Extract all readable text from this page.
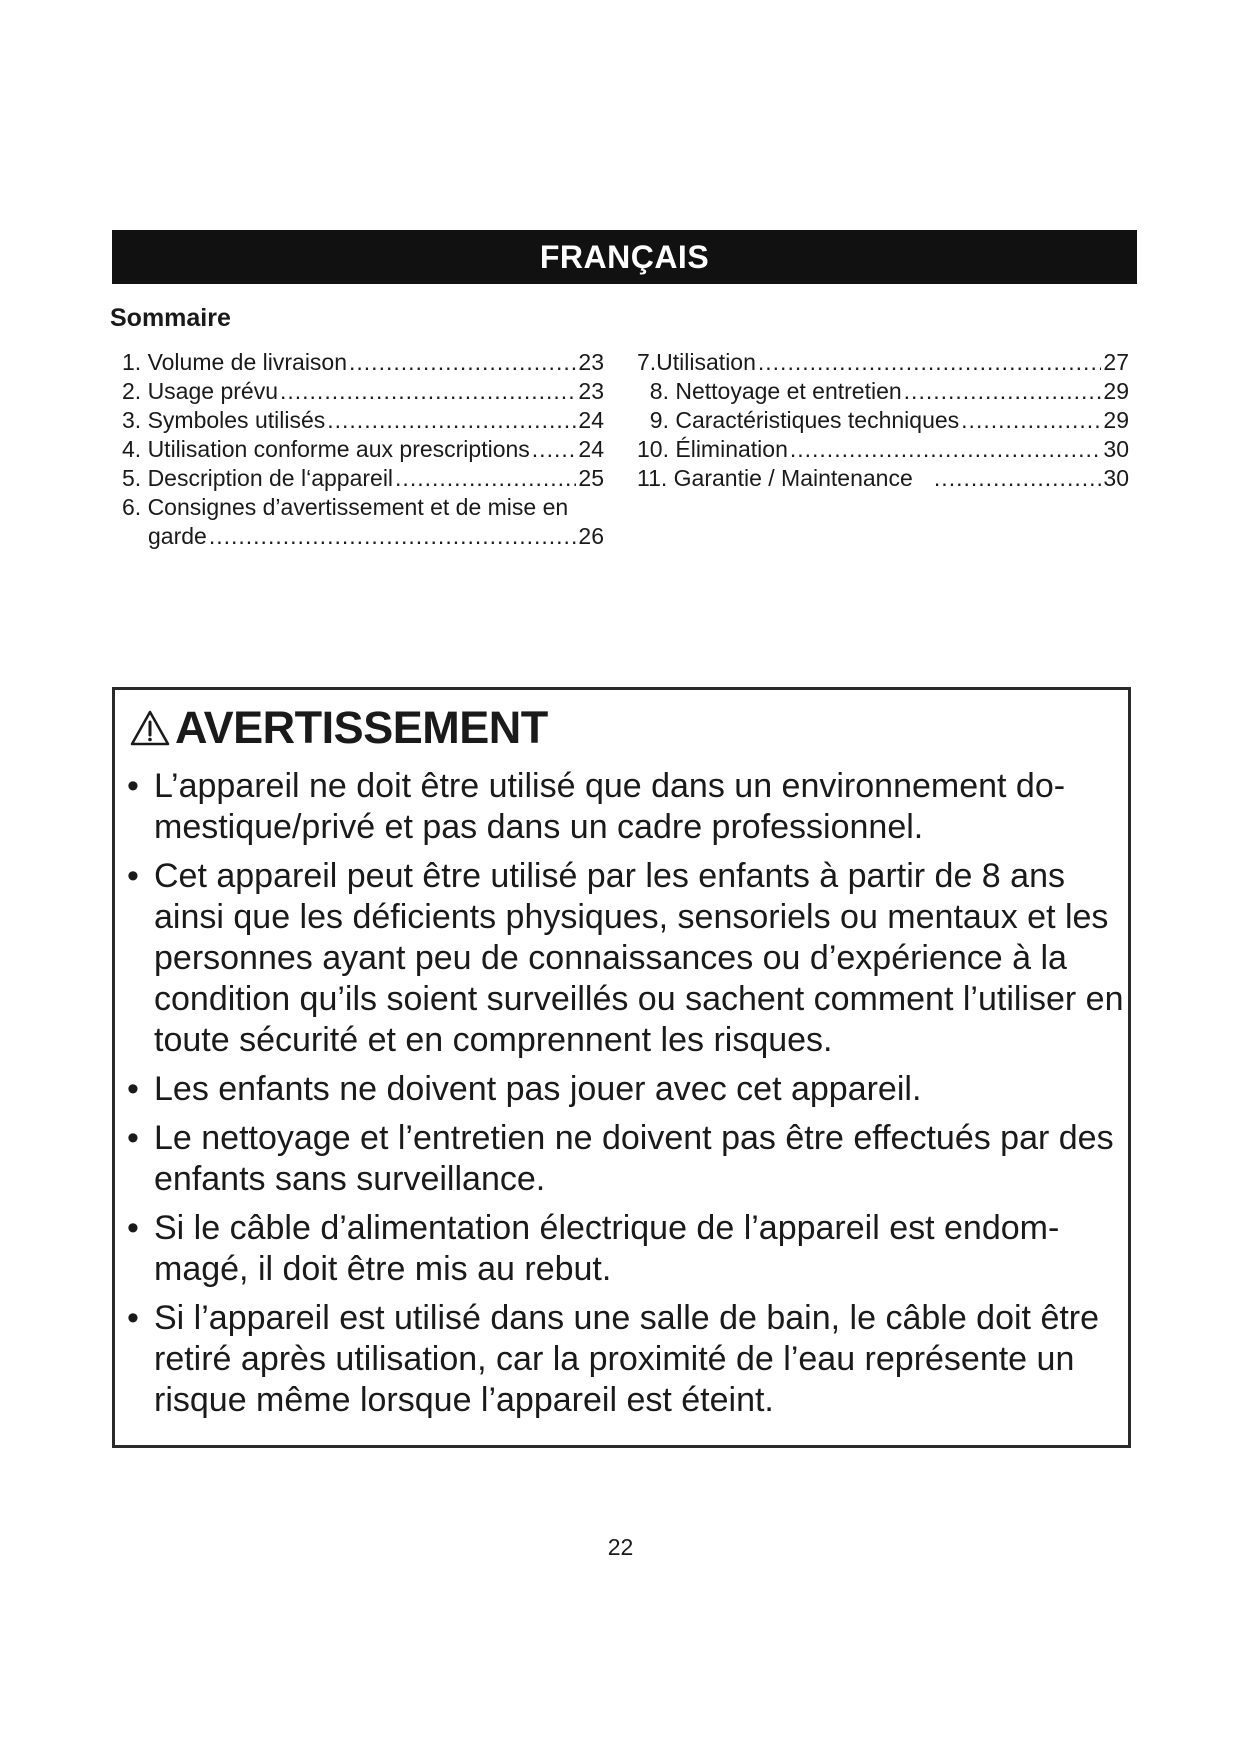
FRANÇAIS
Sommaire
1. Volume de livraison .....	23
2. Usage prévu .....	23
3. Symboles utilisés .....	24
4. Utilisation conforme aux prescriptions ..... 24
5. Description de l‘appareil .....	25
6. Consignes d’avertissement et de mise en
garde .....	26
7.Utilisation .....	27
8. Nettoyage et entretien .....	29
9. Caractéristiques techniques .....	29
10. Élimination .....	30
11. Garantie / Maintenance .....	30
AVERTISSEMENT
• L’appareil ne doit être utilisé que dans un environnement do-mestique/privé et pas dans un cadre professionnel.
• Cet appareil peut être utilisé par les enfants à partir de 8 ans ainsi que les déficients physiques, sensoriels ou mentaux et les personnes ayant peu de connaissances ou d’expérience à la condition qu’ils soient surveillés ou sachent comment l’utiliser en toute sécurité et en comprennent les risques.
• Les enfants ne doivent pas jouer avec cet appareil.
• Le nettoyage et l’entretien ne doivent pas être effectués par des enfants sans surveillance.
• Si le câble d’alimentation électrique de l’appareil est endom-magé, il doit être mis au rebut.
• Si l’appareil est utilisé dans une salle de bain, le câble doit être retiré après utilisation, car la proximité de l’eau représente un risque même lorsque l’appareil est éteint.
22
